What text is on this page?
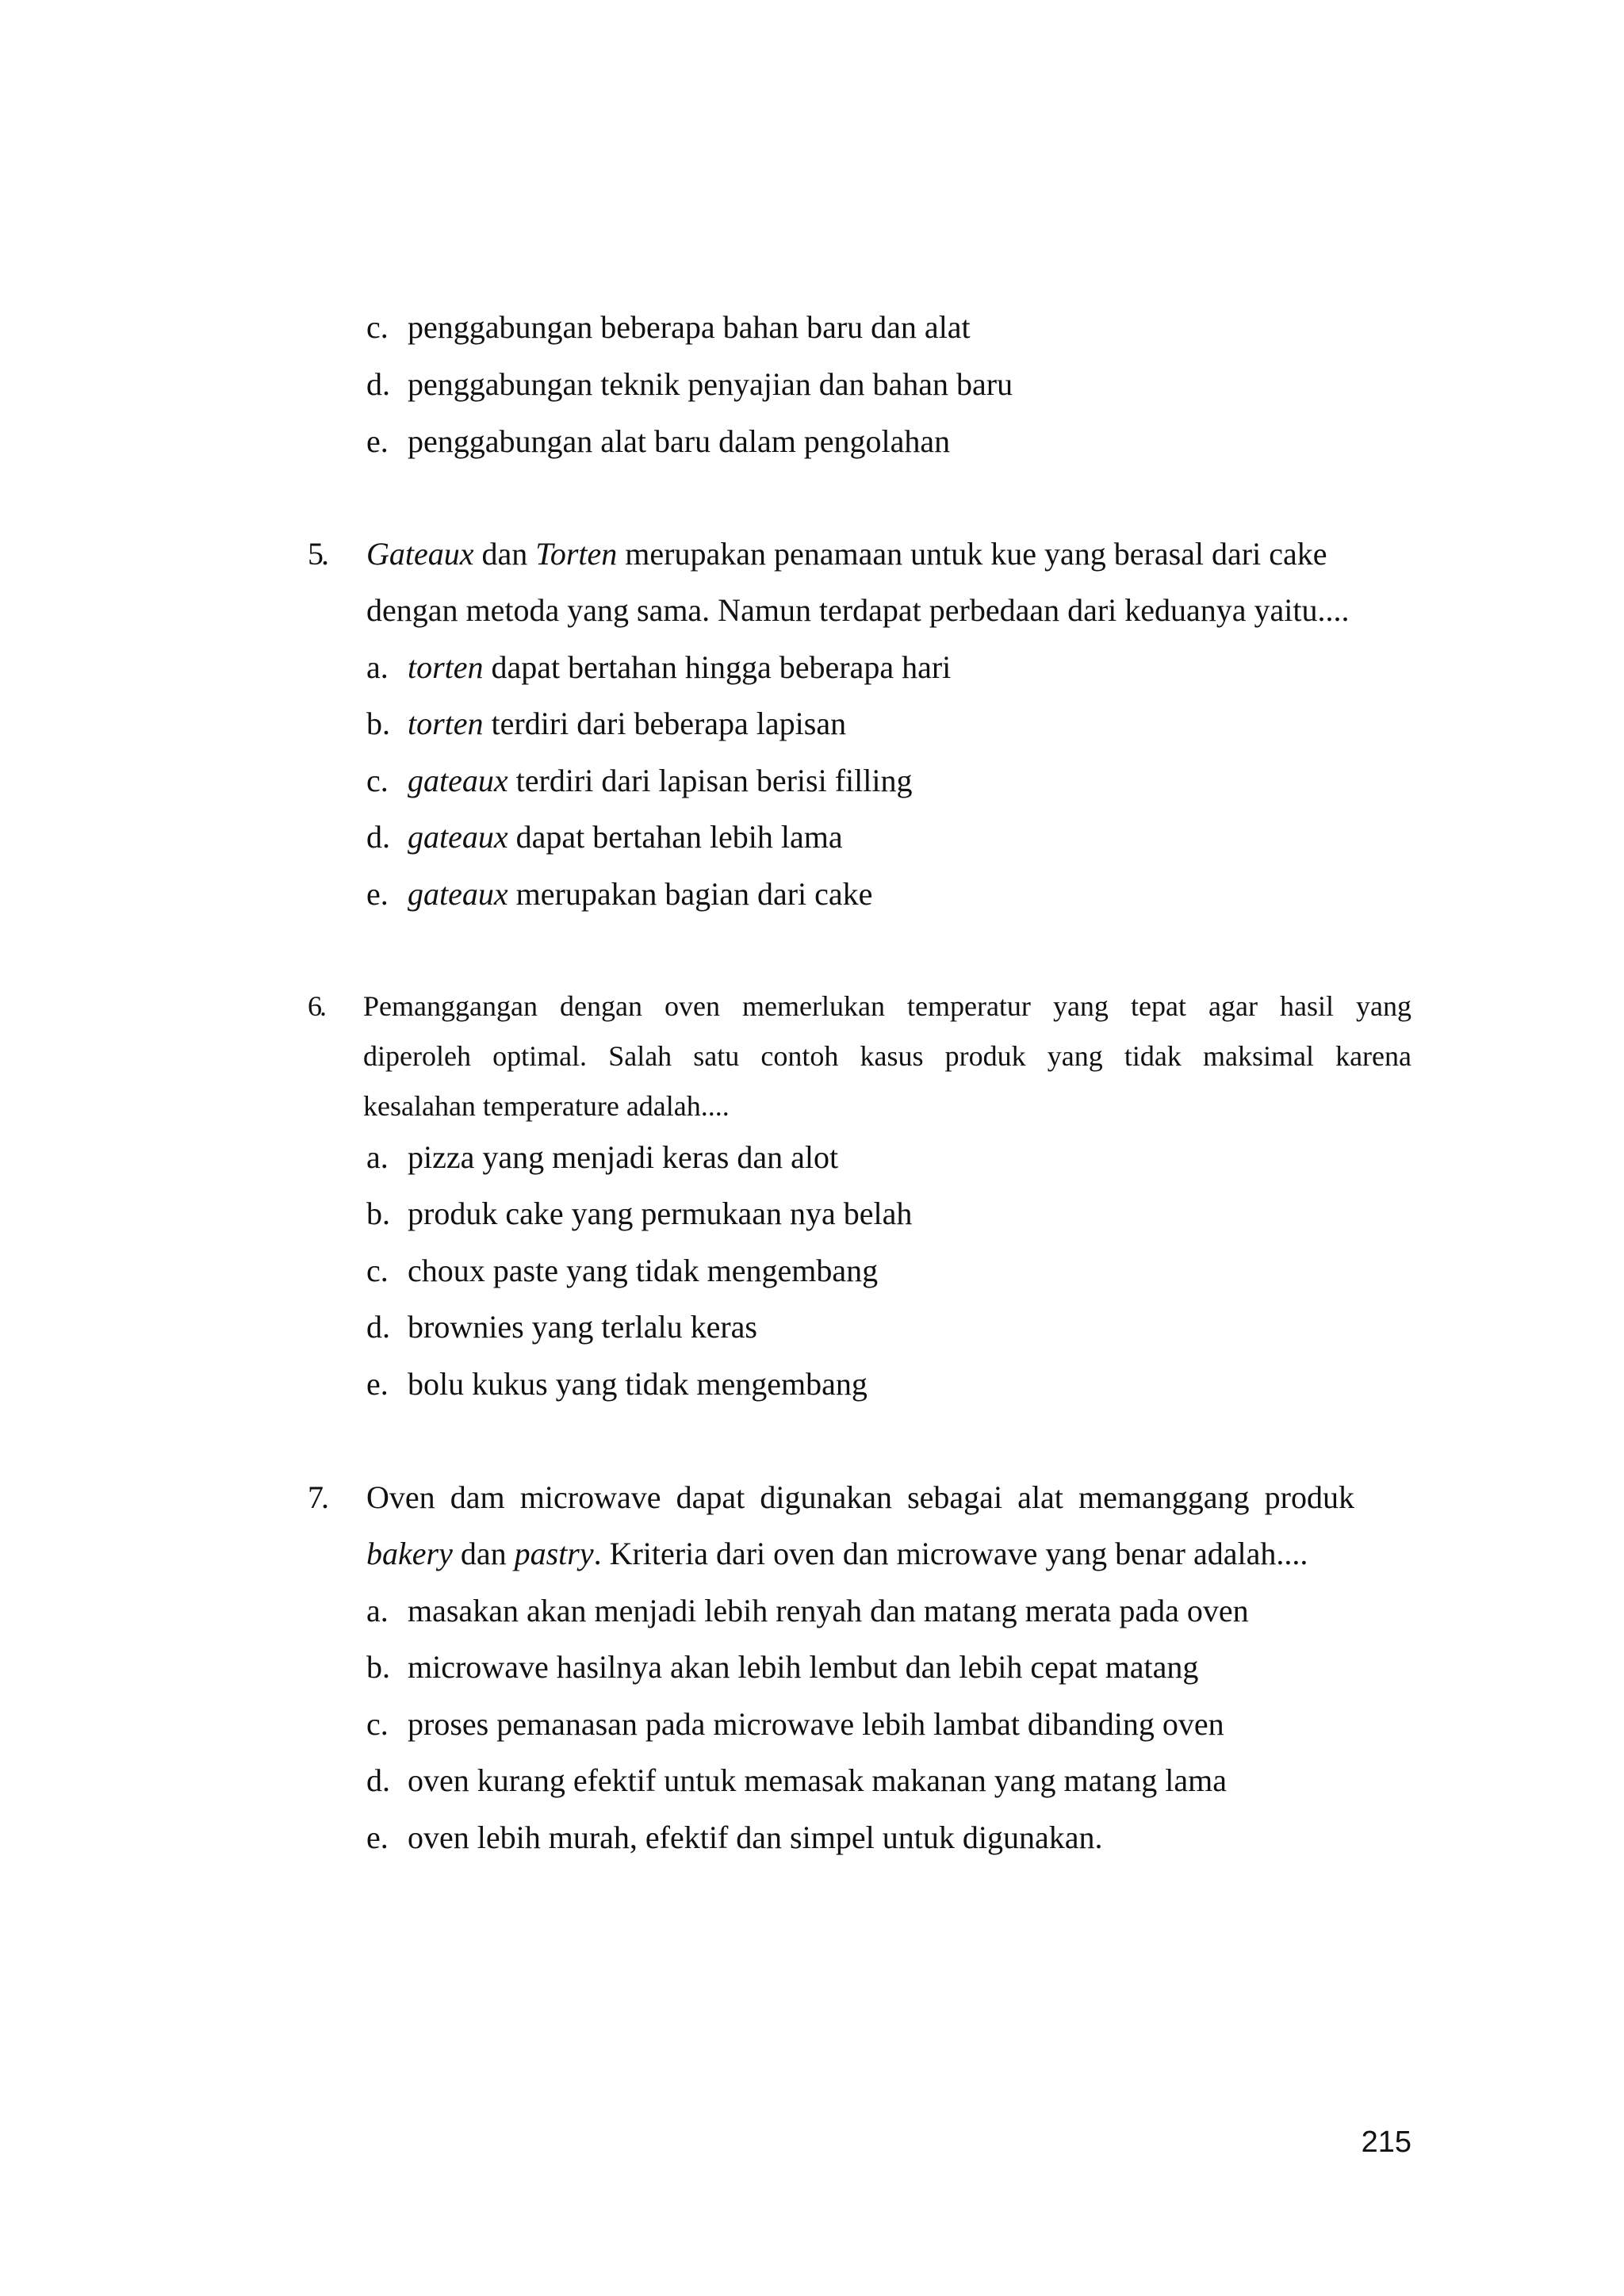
c. penggabungan beberapa bahan baru dan alat
d. penggabungan teknik penyajian dan bahan baru
e. penggabungan alat baru dalam pengolahan
5. Gateaux dan Torten merupakan penamaan untuk kue yang berasal dari cake
dengan metoda yang sama. Namun terdapat perbedaan dari keduanya yaitu....
a. torten dapat bertahan hingga beberapa hari
b. torten terdiri dari beberapa lapisan
c. gateaux terdiri dari lapisan berisi filling
d. gateaux dapat bertahan lebih lama
e. gateaux merupakan bagian dari cake
6. Pemanggangan dengan oven memerlukan temperatur yang tepat agar hasil yang
diperoleh optimal. Salah satu contoh kasus produk yang tidak maksimal karena
kesalahan temperature adalah....
a. pizza yang menjadi keras dan alot
b. produk cake yang permukaan nya belah
c. choux paste yang tidak mengembang
d. brownies yang terlalu keras
e. bolu kukus yang tidak mengembang
7. Oven dam microwave dapat digunakan sebagai alat memanggang produk
bakery dan pastry. Kriteria dari oven dan microwave yang benar adalah....
a. masakan akan menjadi lebih renyah dan matang merata pada oven
b. microwave hasilnya akan lebih lembut dan lebih cepat matang
c. proses pemanasan pada microwave lebih lambat dibanding oven
d. oven kurang efektif untuk memasak makanan yang matang lama
e. oven lebih murah, efektif dan simpel untuk digunakan.
215
